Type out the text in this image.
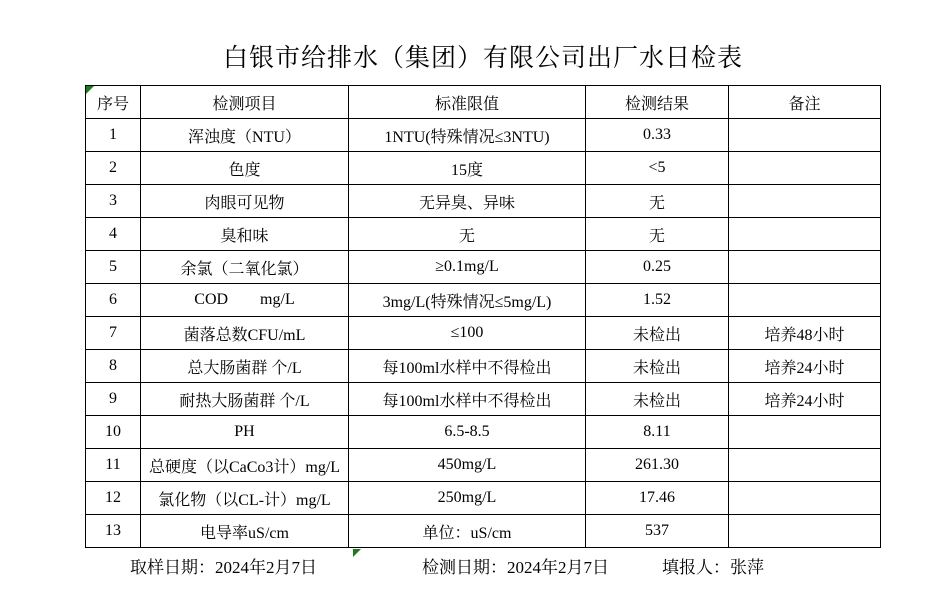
白银市给排水（集团）有限公司出厂水日检表
序号	检测项目	标准限值	检测结果	备注
1	浑浊度（NTU）	1NTU(特殊情况≤3NTU)	0.33	
2	色度	15度	<5	
3	肉眼可见物	无异臭、异味	无	
4	臭和味	无	无	
5	余氯（二氧化氯）	≥0.1mg/L	0.25	
6	COD        mg/L	3mg/L(特殊情况≤5mg/L)	1.52	
7	菌落总数CFU/mL	≤100	未检出	培养48小时
8	总大肠菌群 个/L	每100ml水样中不得检出	未检出	培养24小时
9	耐热大肠菌群 个/L	每100ml水样中不得检出	未检出	培养24小时
10	PH	6.5-8.5	8.11	
11	总硬度（以CaCo3计）mg/L	450mg/L	261.30	
12	氯化物（以CL-计）mg/L	250mg/L	17.46	
13	电导率uS/cm	单位：uS/cm	537	
取样日期：2024年2月7日	检测日期：2024年2月7日	填报人：张萍
